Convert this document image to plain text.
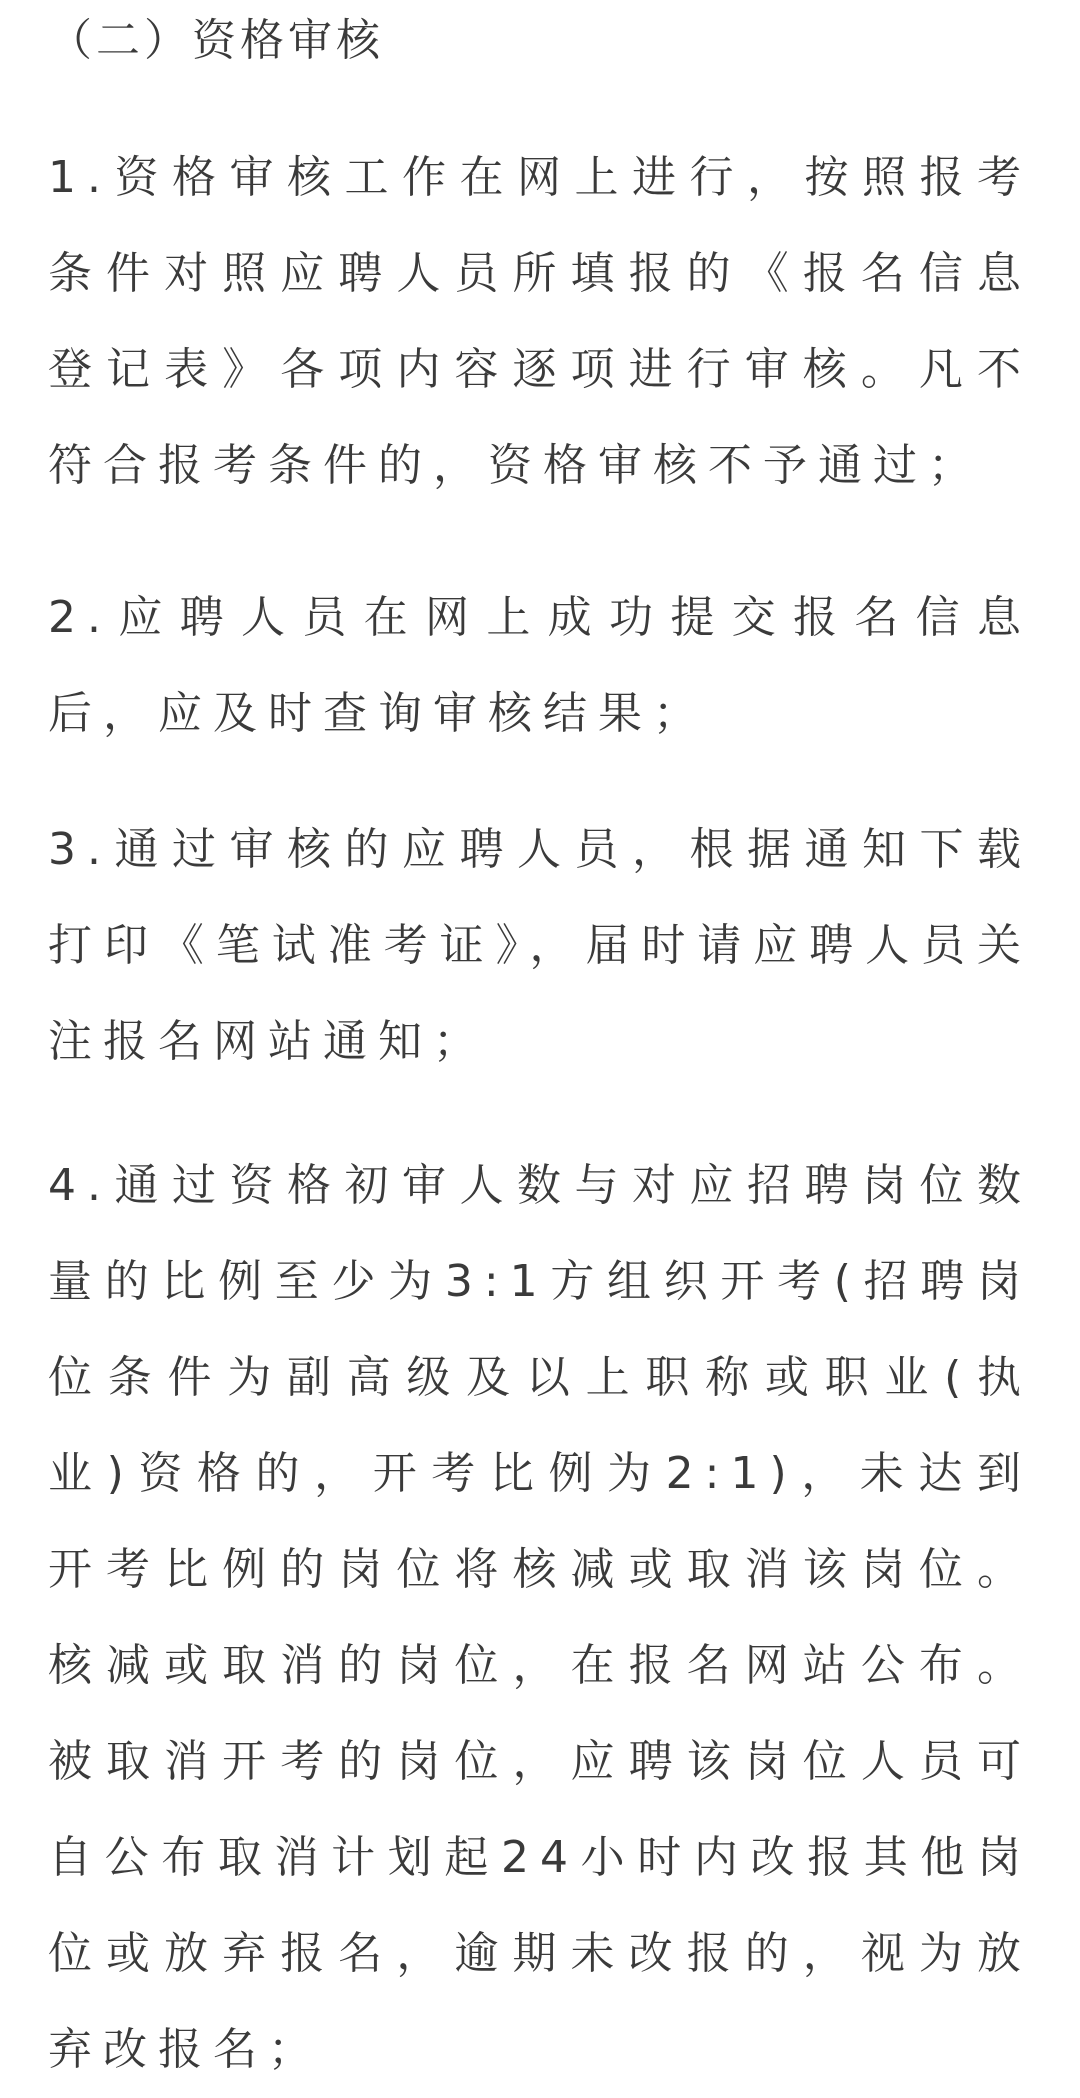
（二）资格审核

1.资格审核工作在网上进行，按照报考条件对照应聘人员所填报的《报名信息登记表》各项内容逐项进行审核。凡不符合报考条件的，资格审核不予通过；

2.应聘人员在网上成功提交报名信息后，应及时查询审核结果；

3.通过审核的应聘人员，根据通知下载打印《笔试准考证》，届时请应聘人员关注报名网站通知；

4.通过资格初审人数与对应招聘岗位数量的比例至少为3:1方组织开考(招聘岗位条件为副高级及以上职称或职业(执业)资格的，开考比例为2:1)，未达到开考比例的岗位将核减或取消该岗位。核减或取消的岗位，在报名网站公布。被取消开考的岗位，应聘该岗位人员可自公布取消计划起24小时内改报其他岗位或放弃报名，逾期未改报的，视为放弃改报名；
